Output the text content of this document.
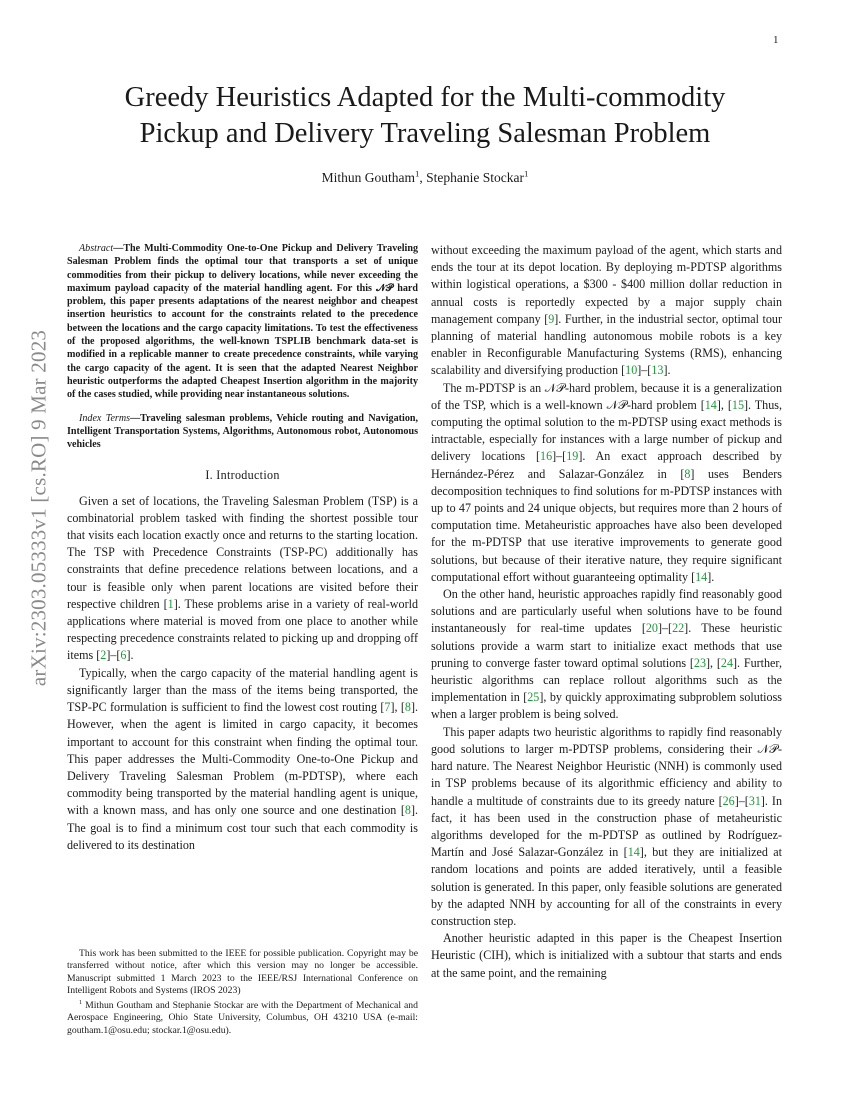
1
arXiv:2303.05333v1 [cs.RO] 9 Mar 2023
Greedy Heuristics Adapted for the Multi-commodity
Pickup and Delivery Traveling Salesman Problem
Mithun Goutham$^1$, Stephanie Stockar$^1$

Abstract—The Multi-Commodity One-to-One Pickup and Delivery Traveling Salesman Problem finds the optimal tour that transports a set of unique commodities from their pickup to delivery locations, while never exceeding the maximum payload capacity of the material handling agent. For this 𝒩𝒫 hard problem, this paper presents adaptations of the nearest neighbor and cheapest insertion heuristics to account for the constraints related to the precedence between the locations and the cargo capacity limitations. To test the effectiveness of the proposed algorithms, the well-known TSPLIB benchmark data-set is modified in a replicable manner to create precedence constraints, while varying the cargo capacity of the agent. It is seen that the adapted Nearest Neighbor heuristic outperforms the adapted Cheapest Insertion algorithm in the majority of the cases studied, while providing near instantaneous solutions.

Index Terms—Traveling salesman problems, Vehicle routing and Navigation, Intelligent Transportation Systems, Algorithms, Autonomous robot, Autonomous vehicles

I. Introduction

Given a set of locations, the Traveling Salesman Problem (TSP) is a combinatorial problem tasked with finding the shortest possible tour that visits each location exactly once and returns to the starting location. The TSP with Precedence Constraints (TSP-PC) additionally has constraints that define precedence relations between locations, and a tour is feasible only when parent locations are visited before their respective children [1]. These problems arise in a variety of real-world applications where material is moved from one place to another while respecting precedence constraints related to picking up and dropping off items [2]–[6].

Typically, when the cargo capacity of the material handling agent is significantly larger than the mass of the items being transported, the TSP-PC formulation is sufficient to find the lowest cost routing [7], [8]. However, when the agent is limited in cargo capacity, it becomes important to account for this constraint when finding the optimal tour. This paper addresses the Multi-Commodity One-to-One Pickup and Delivery Traveling Salesman Problem (m-PDTSP), where each commodity being transported by the material handling agent is unique, with a known mass, and has only one source and one destination [8]. The goal is to find a minimum cost tour such that each commodity is delivered to its destination

This work has been submitted to the IEEE for possible publication. Copyright may be transferred without notice, after which this version may no longer be accessible. Manuscript submitted 1 March 2023 to the IEEE/RSJ International Conference on Intelligent Robots and Systems (IROS 2023)

$^1$ Mithun Goutham and Stephanie Stockar are with the Department of Mechanical and Aerospace Engineering, Ohio State University, Columbus, OH 43210 USA (e-mail: goutham.1@osu.edu; stockar.1@osu.edu).

without exceeding the maximum payload of the agent, which starts and ends the tour at its depot location. By deploying m-PDTSP algorithms within logistical operations, a $300 - $400 million dollar reduction in annual costs is reportedly expected by a major supply chain management company [9]. Further, in the industrial sector, optimal tour planning of material handling autonomous mobile robots is a key enabler in Reconfigurable Manufacturing Systems (RMS), enhancing scalability and diversifying production [10]–[13].

The m-PDTSP is an 𝒩𝒫-hard problem, because it is a generalization of the TSP, which is a well-known 𝒩𝒫-hard problem [14], [15]. Thus, computing the optimal solution to the m-PDTSP using exact methods is intractable, especially for instances with a large number of pickup and delivery locations [16]–[19]. An exact approach described by Hernández-Pérez and Salazar-González in [8] uses Benders decomposition techniques to find solutions for m-PDTSP instances with up to 47 points and 24 unique objects, but requires more than 2 hours of computation time. Metaheuristic approaches have also been developed for the m-PDTSP that use iterative improvements to generate good solutions, but because of their iterative nature, they require significant computational effort without guaranteeing optimality [14].

On the other hand, heuristic approaches rapidly find reasonably good solutions and are particularly useful when solutions have to be found instantaneously for real-time updates [20]–[22]. These heuristic solutions provide a warm start to initialize exact methods that use pruning to converge faster toward optimal solutions [23], [24]. Further, heuristic algorithms can replace rollout algorithms such as the implementation in [25], by quickly approximating subproblem solutioss when a larger problem is being solved.

This paper adapts two heuristic algorithms to rapidly find reasonably good solutions to larger m-PDTSP problems, considering their 𝒩𝒫-hard nature. The Nearest Neighbor Heuristic (NNH) is commonly used in TSP problems because of its algorithmic efficiency and ability to handle a multitude of constraints due to its greedy nature [26]–[31]. In fact, it has been used in the construction phase of metaheuristic algorithms developed for the m-PDTSP as outlined by Rodríguez-Martín and José Salazar-González in [14], but they are initialized at random locations and points are added iteratively, until a feasible solution is generated. In this paper, only feasible solutions are generated by the adapted NNH by accounting for all of the constraints in every construction step.

Another heuristic adapted in this paper is the Cheapest Insertion Heuristic (CIH), which is initialized with a subtour that starts and ends at the same point, and the remaining
